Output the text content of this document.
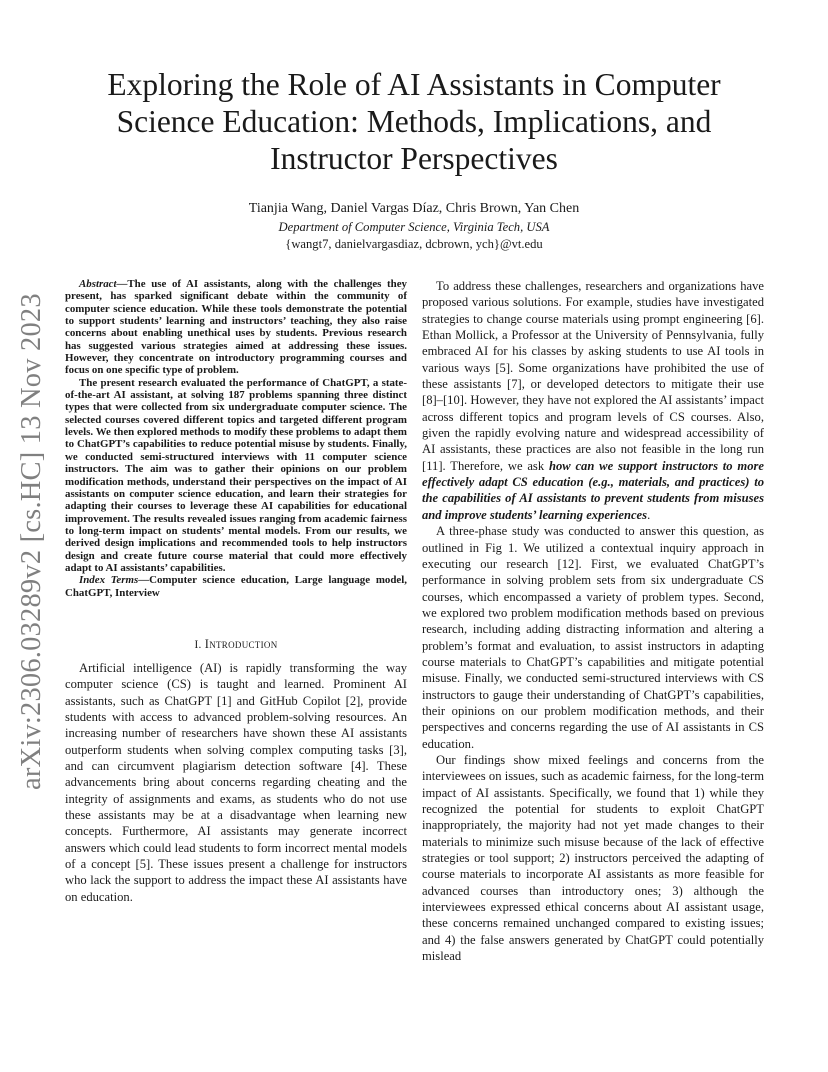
arXiv:2306.03289v2 [cs.HC] 13 Nov 2023
Exploring the Role of AI Assistants in Computer Science Education: Methods, Implications, and Instructor Perspectives
Tianjia Wang, Daniel Vargas Díaz, Chris Brown, Yan Chen
Department of Computer Science, Virginia Tech, USA
{wangt7, danielvargasdiaz, dcbrown, ych}@vt.edu

Abstract—The use of AI assistants, along with the challenges they present, has sparked significant debate within the community of computer science education. While these tools demonstrate the potential to support students’ learning and instructors’ teaching, they also raise concerns about enabling unethical uses by students. Previous research has suggested various strategies aimed at addressing these issues. However, they concentrate on introductory programming courses and focus on one specific type of problem.

The present research evaluated the performance of ChatGPT, a state-of-the-art AI assistant, at solving 187 problems spanning three distinct types that were collected from six undergraduate computer science. The selected courses covered different topics and targeted different program levels. We then explored methods to modify these problems to adapt them to ChatGPT’s capabilities to reduce potential misuse by students. Finally, we conducted semi-structured interviews with 11 computer science instructors. The aim was to gather their opinions on our problem modification methods, understand their perspectives on the impact of AI assistants on computer science education, and learn their strategies for adapting their courses to leverage these AI capabilities for educational improvement. The results revealed issues ranging from academic fairness to long-term impact on students’ mental models. From our results, we derived design implications and recommended tools to help instructors design and create future course material that could more effectively adapt to AI assistants’ capabilities.

Index Terms—Computer science education, Large language model, ChatGPT, Interview

I. Introduction

Artificial intelligence (AI) is rapidly transforming the way computer science (CS) is taught and learned. Prominent AI assistants, such as ChatGPT [1] and GitHub Copilot [2], provide students with access to advanced problem-solving resources. An increasing number of researchers have shown these AI assistants outperform students when solving complex computing tasks [3], and can circumvent plagiarism detection software [4]. These advancements bring about concerns regarding cheating and the integrity of assignments and exams, as students who do not use these assistants may be at a disadvantage when learning new concepts. Furthermore, AI assistants may generate incorrect answers which could lead students to form incorrect mental models of a concept [5]. These issues present a challenge for instructors who lack the support to address the impact these AI assistants have on education.

To address these challenges, researchers and organizations have proposed various solutions. For example, studies have investigated strategies to change course materials using prompt engineering [6]. Ethan Mollick, a Professor at the University of Pennsylvania, fully embraced AI for his classes by asking students to use AI tools in various ways [5]. Some organizations have prohibited the use of these assistants [7], or developed detectors to mitigate their use [8]–[10]. However, they have not explored the AI assistants’ impact across different topics and program levels of CS courses. Also, given the rapidly evolving nature and widespread accessibility of AI assistants, these practices are also not feasible in the long run [11]. Therefore, we ask how can we support instructors to more effectively adapt CS education (e.g., materials, and practices) to the capabilities of AI assistants to prevent students from misuses and improve students’ learning experiences.

A three-phase study was conducted to answer this question, as outlined in Fig 1. We utilized a contextual inquiry approach in executing our research [12]. First, we evaluated ChatGPT’s performance in solving problem sets from six undergraduate CS courses, which encompassed a variety of problem types. Second, we explored two problem modification methods based on previous research, including adding distracting information and altering a problem’s format and evaluation, to assist instructors in adapting course materials to ChatGPT’s capabilities and mitigate potential misuse. Finally, we conducted semi-structured interviews with CS instructors to gauge their understanding of ChatGPT’s capabilities, their opinions on our problem modification methods, and their perspectives and concerns regarding the use of AI assistants in CS education.

Our findings show mixed feelings and concerns from the interviewees on issues, such as academic fairness, for the long-term impact of AI assistants. Specifically, we found that 1) while they recognized the potential for students to exploit ChatGPT inappropriately, the majority had not yet made changes to their materials to minimize such misuse because of the lack of effective strategies or tool support; 2) instructors perceived the adapting of course materials to incorporate AI assistants as more feasible for advanced courses than introductory ones; 3) although the interviewees expressed ethical concerns about AI assistant usage, these concerns remained unchanged compared to existing issues; and 4) the false answers generated by ChatGPT could potentially mislead
